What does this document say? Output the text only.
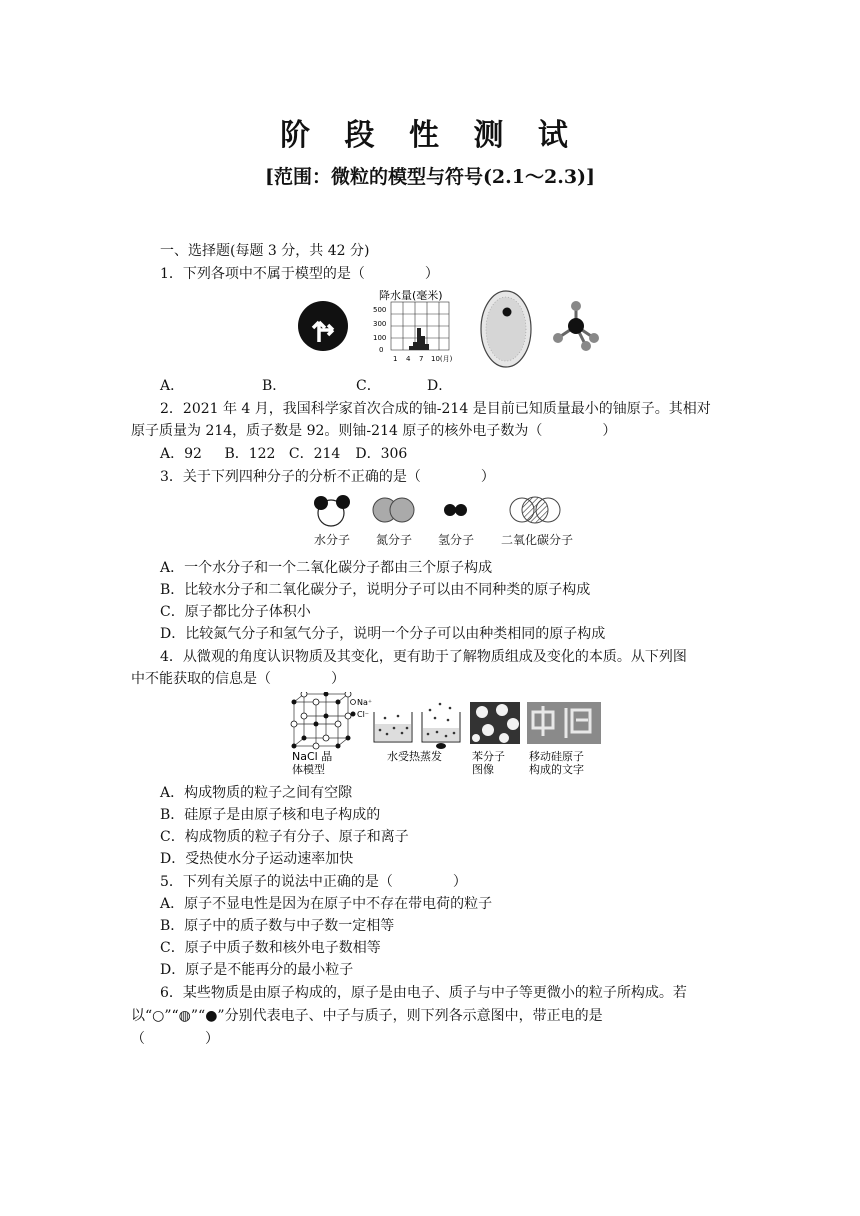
阶 段 性 测 试
[范围：微粒的模型与符号(2.1～2.3)]
一、选择题(每题 3 分，共 42 分)
1．下列各项中不属于模型的是（	）
降水量(毫米)
500
300
100
0
1 4 7 10(月)
A．	B．	C．	D．
2．2021 年 4 月，我国科学家首次合成的铀-214 是目前已知质量最小的铀原子。其相对
原子质量为 214，质子数是 92。则铀-214 原子的核外电子数为（	）
A．92 B．122 C．214 D．306
3．关于下列四种分子的分析不正确的是（	）
水分子 氮分子 氢分子 二氧化碳分子
A．一个水分子和一个二氧化碳分子都由三个原子构成
B．比较水分子和二氧化碳分子，说明分子可以由不同种类的原子构成
C．原子都比分子体积小
D．比较氮气分子和氢气分子，说明一个分子可以由种类相同的原子构成
4．从微观的角度认识物质及其变化，更有助于了解物质组成及变化的本质。从下列图
中不能获取的信息是（	）
Na⁺
Cl⁻
NaCl 晶
体模型
水受热蒸发	苯分子
图像
移动硅原子
构成的文字
A．构成物质的粒子之间有空隙
B．硅原子是由原子核和电子构成的
C．构成物质的粒子有分子、原子和离子
D．受热使水分子运动速率加快
5．下列有关原子的说法中正确的是（	）
A．原子不显电性是因为在原子中不存在带电荷的粒子
B．原子中的质子数与中子数一定相等
C．原子中质子数和核外电子数相等
D．原子是不能再分的最小粒子
6．某些物质是由原子构成的，原子是由电子、质子与中子等更微小的粒子所构成。若
以“○”“◍”“●”分别代表电子、中子与质子，则下列各示意图中，带正电的是
（	）
